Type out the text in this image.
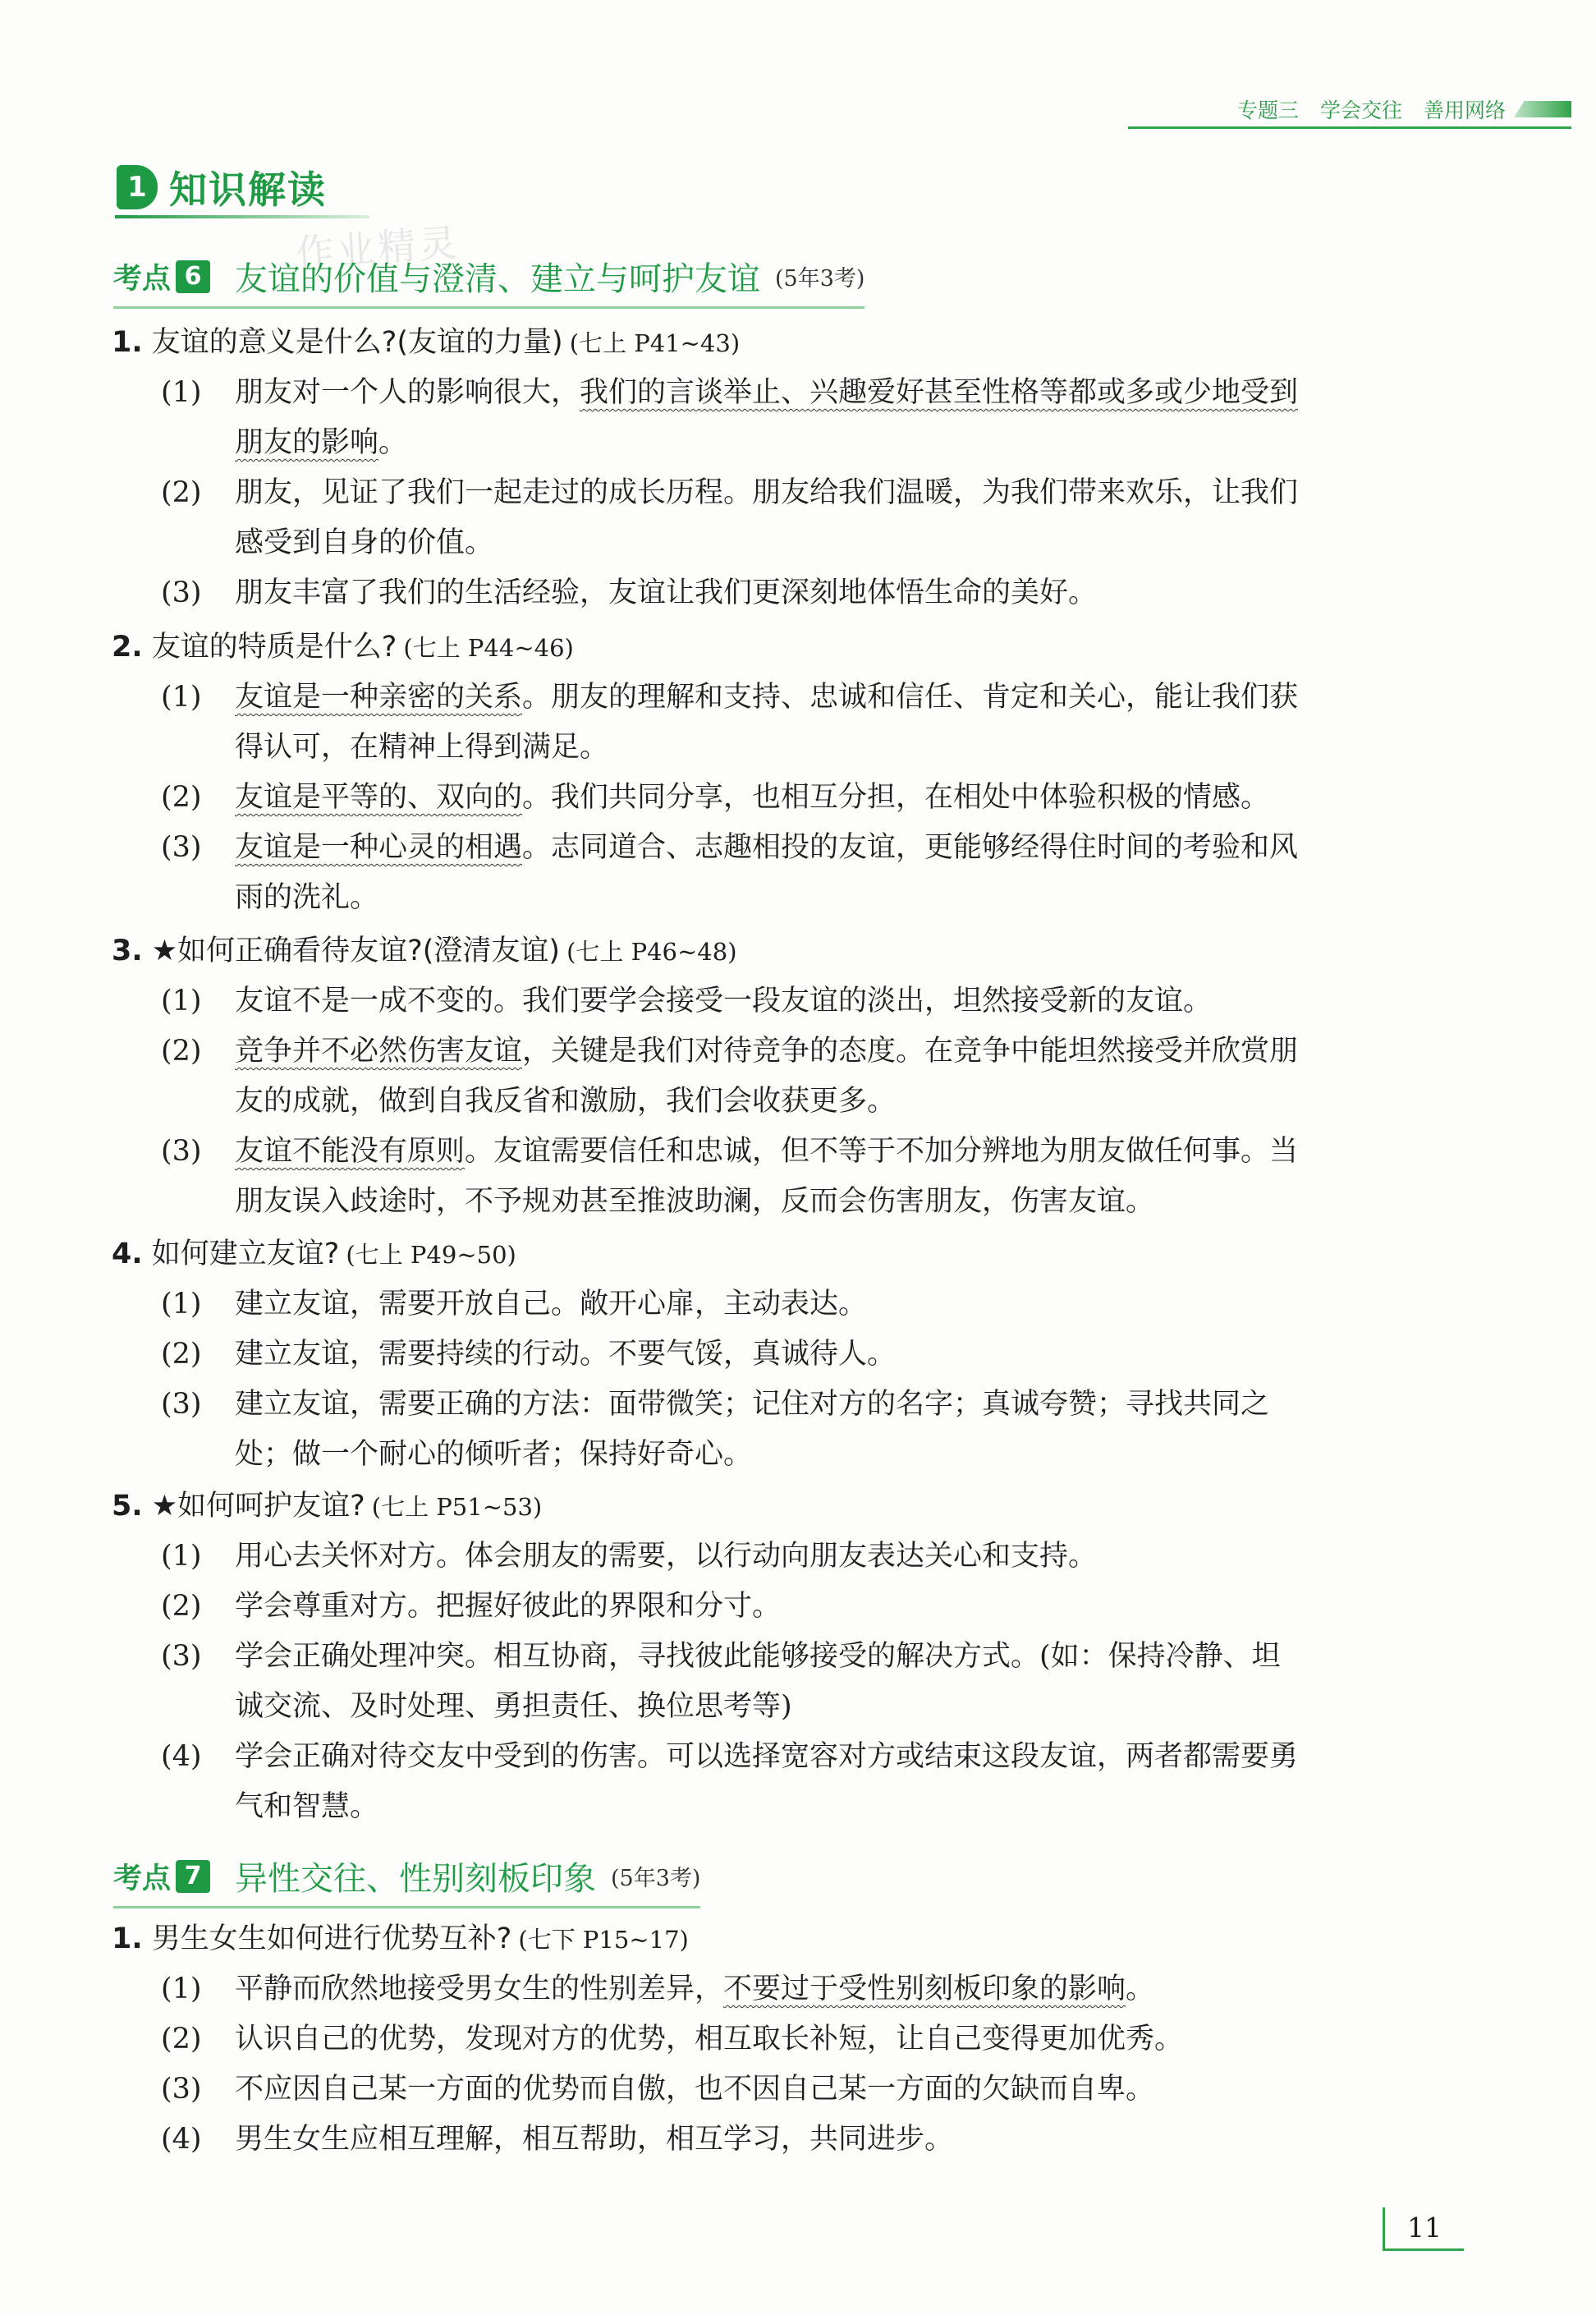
专题三 学会交往 善用网络
1 知识解读
作业精灵
考点 6 友谊的价值与澄清、建立与呵护友谊 (5年3考)
1. 友谊的意义是什么?(友谊的力量) (七上 P41~43)
(1) 朋友对一个人的影响很大，我们的言谈举止、兴趣爱好甚至性格等都或多或少地受到
朋友的影响。
(2) 朋友，见证了我们一起走过的成长历程。朋友给我们温暖，为我们带来欢乐，让我们
感受到自身的价值。
(3) 朋友丰富了我们的生活经验，友谊让我们更深刻地体悟生命的美好。
2. 友谊的特质是什么? (七上 P44~46)
(1) 友谊是一种亲密的关系。朋友的理解和支持、忠诚和信任、肯定和关心，能让我们获
得认可，在精神上得到满足。
(2) 友谊是平等的、双向的。我们共同分享，也相互分担，在相处中体验积极的情感。
(3) 友谊是一种心灵的相遇。志同道合、志趣相投的友谊，更能够经得住时间的考验和风
雨的洗礼。
3. ★如何正确看待友谊?(澄清友谊) (七上 P46~48)
(1) 友谊不是一成不变的。我们要学会接受一段友谊的淡出，坦然接受新的友谊。
(2) 竞争并不必然伤害友谊，关键是我们对待竞争的态度。在竞争中能坦然接受并欣赏朋
友的成就，做到自我反省和激励，我们会收获更多。
(3) 友谊不能没有原则。友谊需要信任和忠诚，但不等于不加分辨地为朋友做任何事。当
朋友误入歧途时，不予规劝甚至推波助澜，反而会伤害朋友，伤害友谊。
4. 如何建立友谊? (七上 P49~50)
(1) 建立友谊，需要开放自己。敞开心扉，主动表达。
(2) 建立友谊，需要持续的行动。不要气馁，真诚待人。
(3) 建立友谊，需要正确的方法：面带微笑；记住对方的名字；真诚夸赞；寻找共同之
处；做一个耐心的倾听者；保持好奇心。
5. ★如何呵护友谊? (七上 P51~53)
(1) 用心去关怀对方。体会朋友的需要，以行动向朋友表达关心和支持。
(2) 学会尊重对方。把握好彼此的界限和分寸。
(3) 学会正确处理冲突。相互协商，寻找彼此能够接受的解决方式。(如：保持冷静、坦
诚交流、及时处理、勇担责任、换位思考等)
(4) 学会正确对待交友中受到的伤害。可以选择宽容对方或结束这段友谊，两者都需要勇
气和智慧。
考点 7 异性交往、性别刻板印象 (5年3考)
1. 男生女生如何进行优势互补? (七下 P15~17)
(1) 平静而欣然地接受男女生的性别差异，不要过于受性别刻板印象的影响。
(2) 认识自己的优势，发现对方的优势，相互取长补短，让自己变得更加优秀。
(3) 不应因自己某一方面的优势而自傲，也不因自己某一方面的欠缺而自卑。
(4) 男生女生应相互理解，相互帮助，相互学习，共同进步。
11
